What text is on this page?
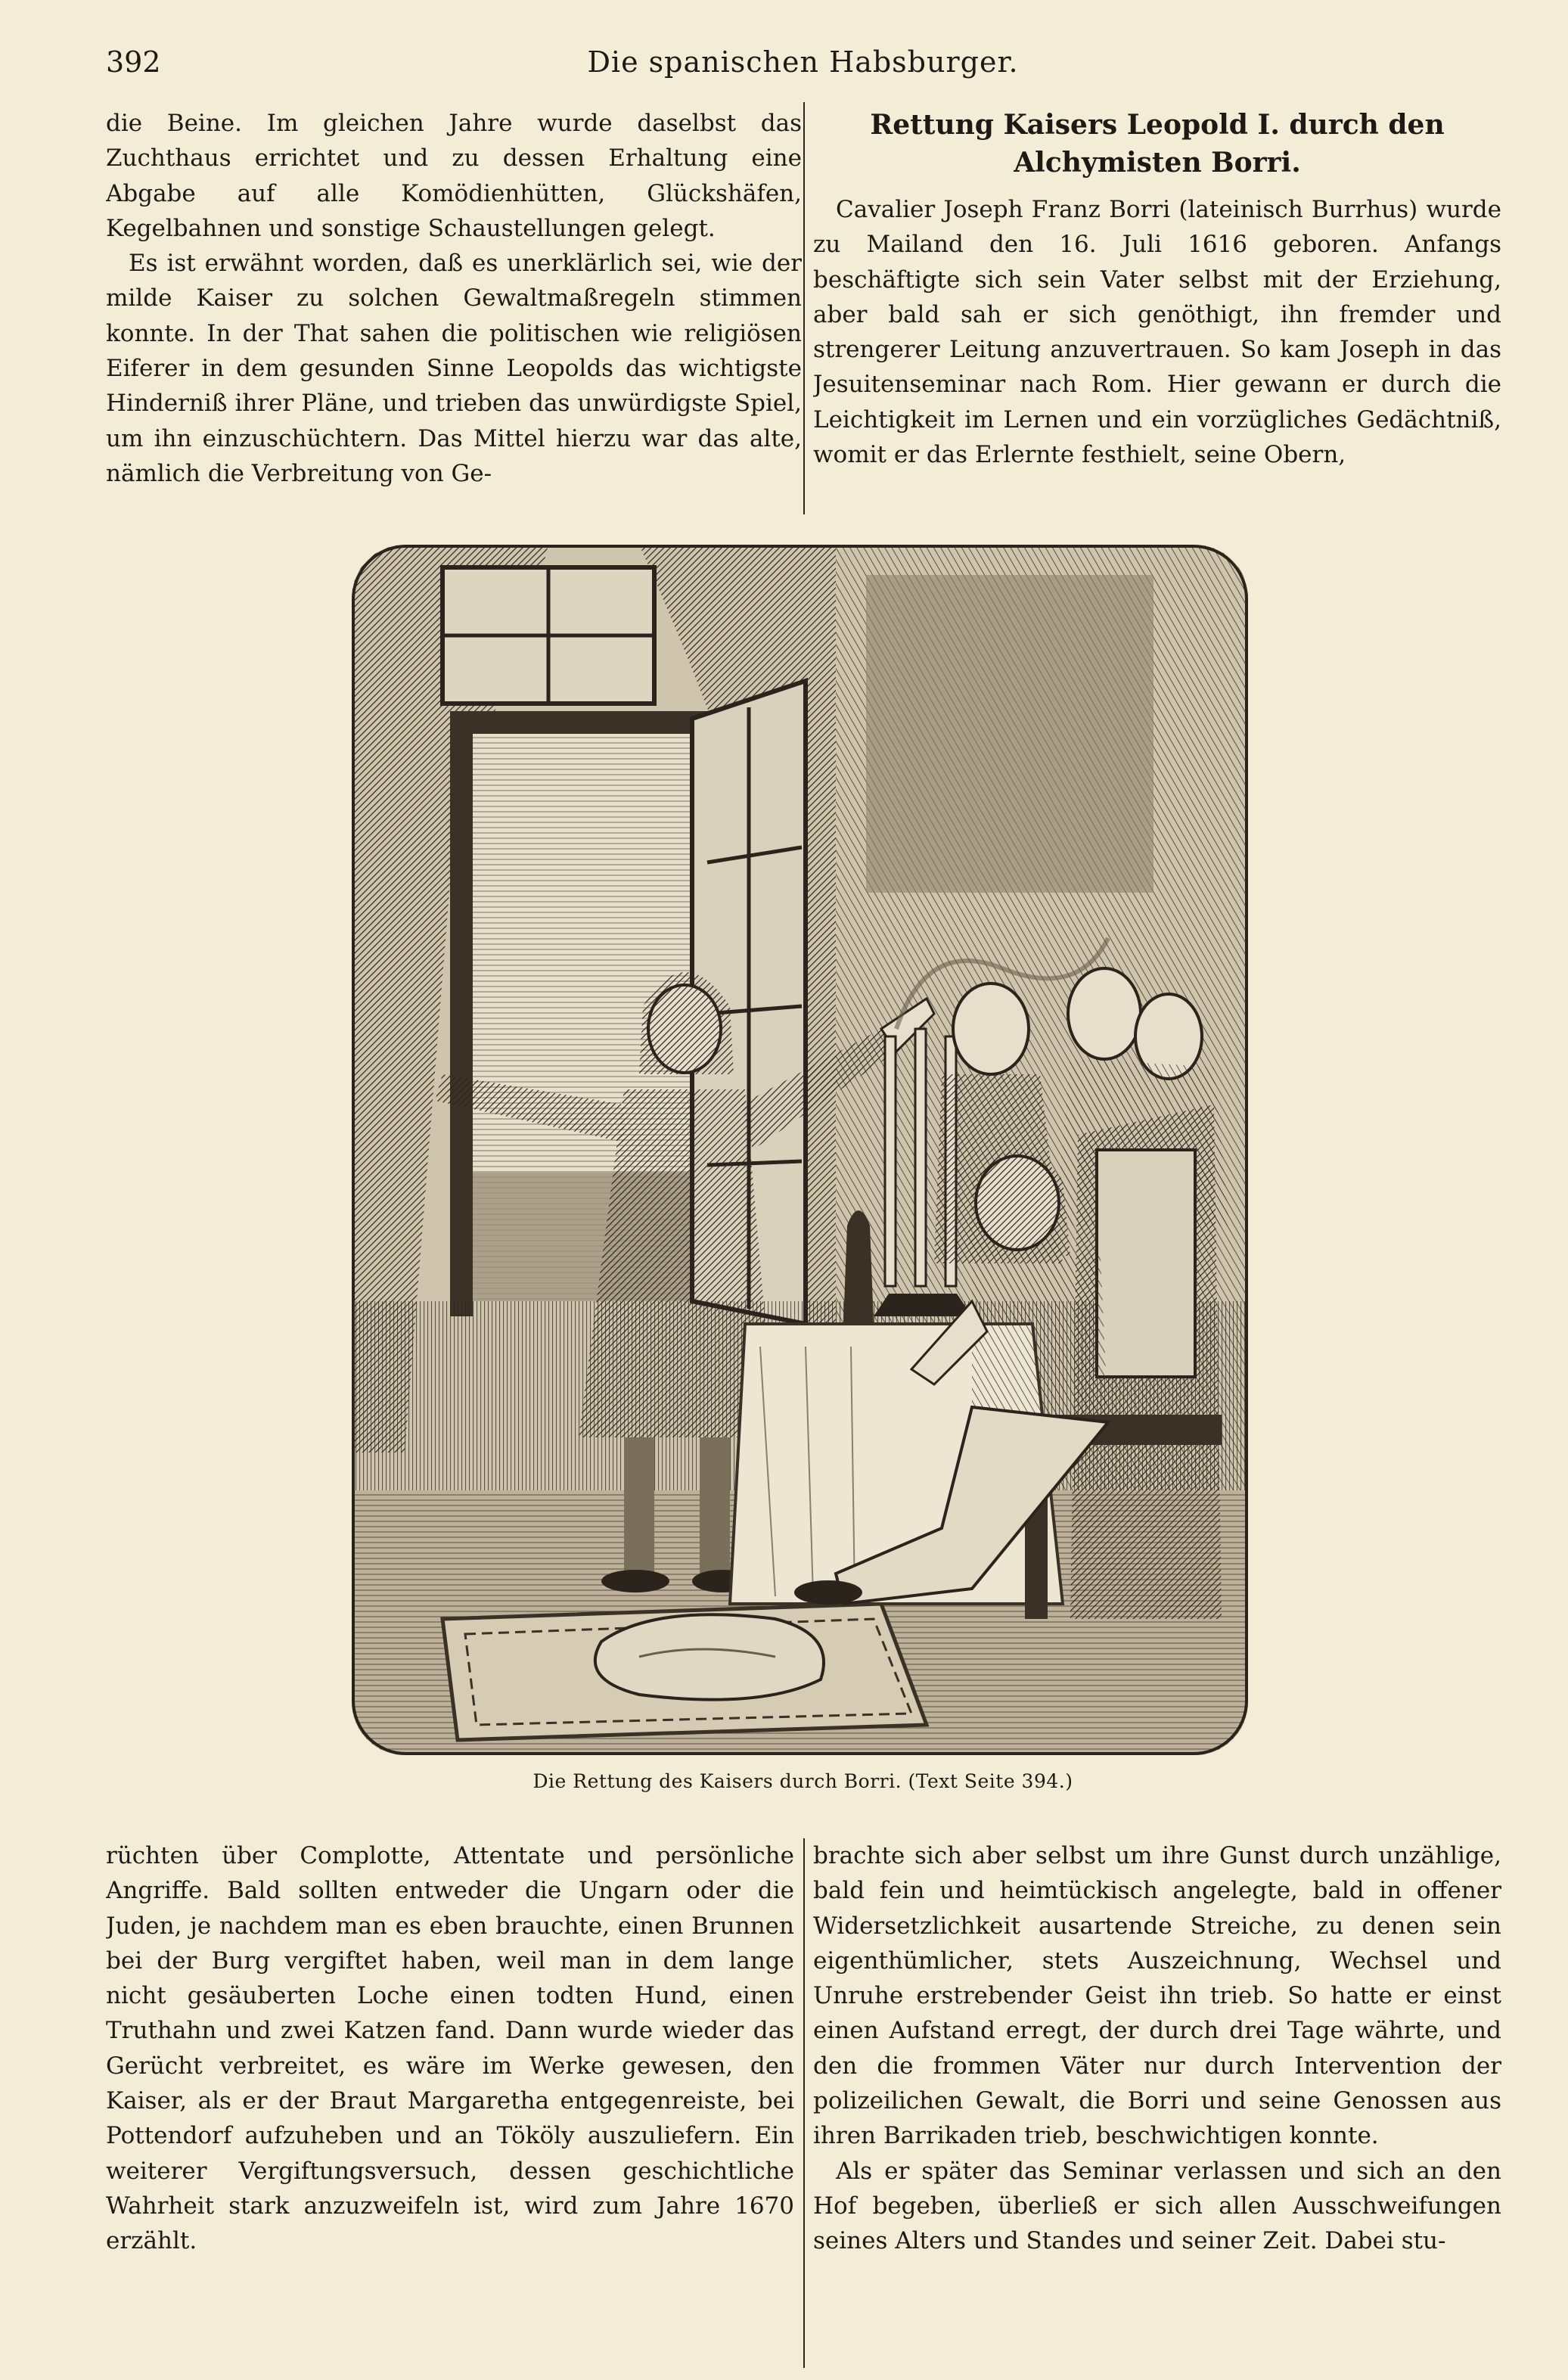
392	Die spanischen Habsburger.

die Beine. Im gleichen Jahre wurde daselbst das Zuchthaus errichtet und zu dessen Erhaltung eine Abgabe auf alle Komödienhütten, Glückshäfen, Kegelbahnen und sonstige Schaustellungen gelegt.

Es ist erwähnt worden, daß es unerklärlich sei, wie der milde Kaiser zu solchen Gewaltmaßregeln stimmen konnte. In der That sahen die politischen wie religiösen Eiferer in dem gesunden Sinne Leopolds das wichtigste Hinderniß ihrer Pläne, und trieben das unwürdigste Spiel, um ihn einzuschüchtern. Das Mittel hierzu war das alte, nämlich die Verbreitung von Ge-

Rettung Kaisers Leopold I. durch den Alchymisten Borri.

Cavalier Joseph Franz Borri (lateinisch Burrhus) wurde zu Mailand den 16. Juli 1616 geboren. Anfangs beschäftigte sich sein Vater selbst mit der Erziehung, aber bald sah er sich genöthigt, ihn fremder und strengerer Leitung anzuvertrauen. So kam Joseph in das Jesuitenseminar nach Rom. Hier gewann er durch die Leichtigkeit im Lernen und ein vorzügliches Gedächtniß, womit er das Erlernte festhielt, seine Obern,

Die Rettung des Kaisers durch Borri. (Text Seite 394.)

rüchten über Complotte, Attentate und persönliche Angriffe. Bald sollten entweder die Ungarn oder die Juden, je nachdem man es eben brauchte, einen Brunnen bei der Burg vergiftet haben, weil man in dem lange nicht gesäuberten Loche einen todten Hund, einen Truthahn und zwei Katzen fand. Dann wurde wieder das Gerücht verbreitet, es wäre im Werke gewesen, den Kaiser, als er der Braut Margaretha entgegenreiste, bei Pottendorf aufzuheben und an Tököly auszuliefern. Ein weiterer Vergiftungsversuch, dessen geschichtliche Wahrheit stark anzuzweifeln ist, wird zum Jahre 1670 erzählt.

brachte sich aber selbst um ihre Gunst durch unzählige, bald fein und heimtückisch angelegte, bald in offener Widersetzlichkeit ausartende Streiche, zu denen sein eigenthümlicher, stets Auszeichnung, Wechsel und Unruhe erstrebender Geist ihn trieb. So hatte er einst einen Aufstand erregt, der durch drei Tage währte, und den die frommen Väter nur durch Intervention der polizeilichen Gewalt, die Borri und seine Genossen aus ihren Barrikaden trieb, beschwichtigen konnte.

Als er später das Seminar verlassen und sich an den Hof begeben, überließ er sich allen Ausschweifungen seines Alters und Standes und seiner Zeit. Dabei stu-
